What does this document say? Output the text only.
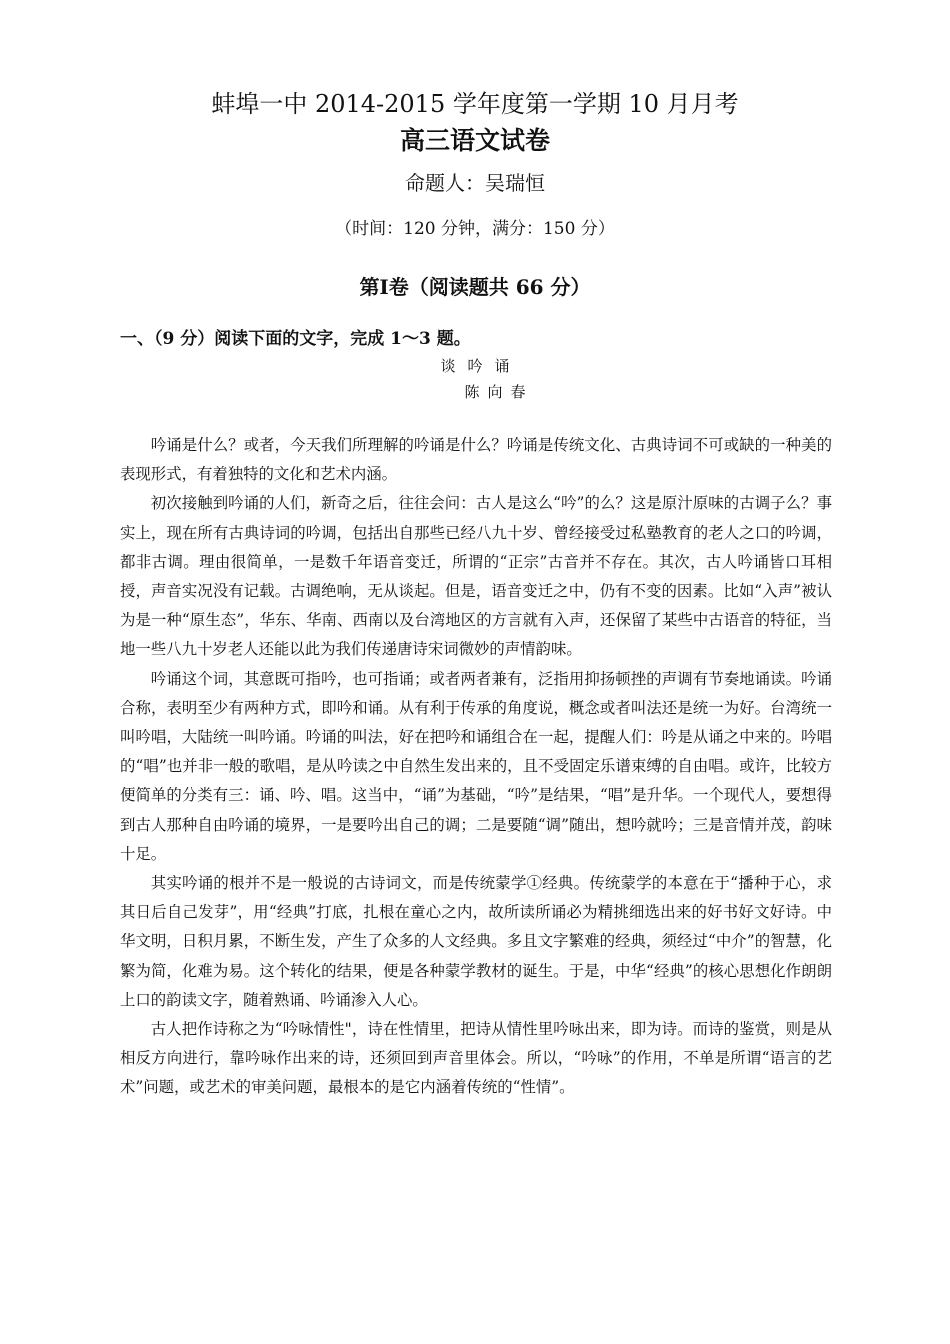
蚌埠一中 2014-2015 学年度第一学期 10 月月考
高三语文试卷
命题人：吴瑞恒
（时间：120 分钟，满分：150 分）
第Ⅰ卷（阅读题共 66 分）
一、（9 分）阅读下面的文字，完成 1～3 题。
谈吟诵
陈向春

吟诵是什么？或者，今天我们所理解的吟诵是什么？吟诵是传统文化、古典诗词不可或缺的一种美的表现形式，有着独特的文化和艺术内涵。

初次接触到吟诵的人们，新奇之后，往往会问：古人是这么“吟”的么？这是原汁原味的古调子么？事实上，现在所有古典诗词的吟调，包括出自那些已经八九十岁、曾经接受过私塾教育的老人之口的吟调，都非古调。理由很简单，一是数千年语音变迁，所谓的“正宗”古音并不存在。其次，古人吟诵皆口耳相授，声音实况没有记载。古调绝响，无从谈起。但是，语音变迁之中，仍有不变的因素。比如“入声”被认为是一种“原生态”，华东、华南、西南以及台湾地区的方言就有入声，还保留了某些中古语音的特征，当地一些八九十岁老人还能以此为我们传递唐诗宋词微妙的声情韵味。

吟诵这个词，其意既可指吟，也可指诵；或者两者兼有，泛指用抑扬顿挫的声调有节奏地诵读。吟诵合称，表明至少有两种方式，即吟和诵。从有利于传承的角度说，概念或者叫法还是统一为好。台湾统一叫吟唱，大陆统一叫吟诵。吟诵的叫法，好在把吟和诵组合在一起，提醒人们：吟是从诵之中来的。吟唱的“唱”也并非一般的歌唱，是从吟读之中自然生发出来的，且不受固定乐谱束缚的自由唱。或许，比较方便简单的分类有三：诵、吟、唱。这当中，“诵”为基础，“吟”是结果，“唱”是升华。一个现代人，要想得到古人那种自由吟诵的境界，一是要吟出自己的调；二是要随“调”随出，想吟就吟；三是音情并茂，韵味十足。

其实吟诵的根并不是一般说的古诗词文，而是传统蒙学①经典。传统蒙学的本意在于“播种于心，求其日后自己发芽”，用“经典”打底，扎根在童心之内，故所读所诵必为精挑细选出来的好书好文好诗。中华文明，日积月累，不断生发，产生了众多的人文经典。多且文字繁难的经典，须经过“中介”的智慧，化繁为简，化难为易。这个转化的结果，便是各种蒙学教材的诞生。于是，中华“经典”的核心思想化作朗朗上口的韵读文字，随着熟诵、吟诵渗入人心。

古人把作诗称之为“吟咏情性"，诗在性情里，把诗从情性里吟咏出来，即为诗。而诗的鉴赏，则是从相反方向进行，靠吟咏作出来的诗，还须回到声音里体会。所以，“吟咏”的作用，不单是所谓“语言的艺术”问题，或艺术的审美问题，最根本的是它内涵着传统的“性情”。
